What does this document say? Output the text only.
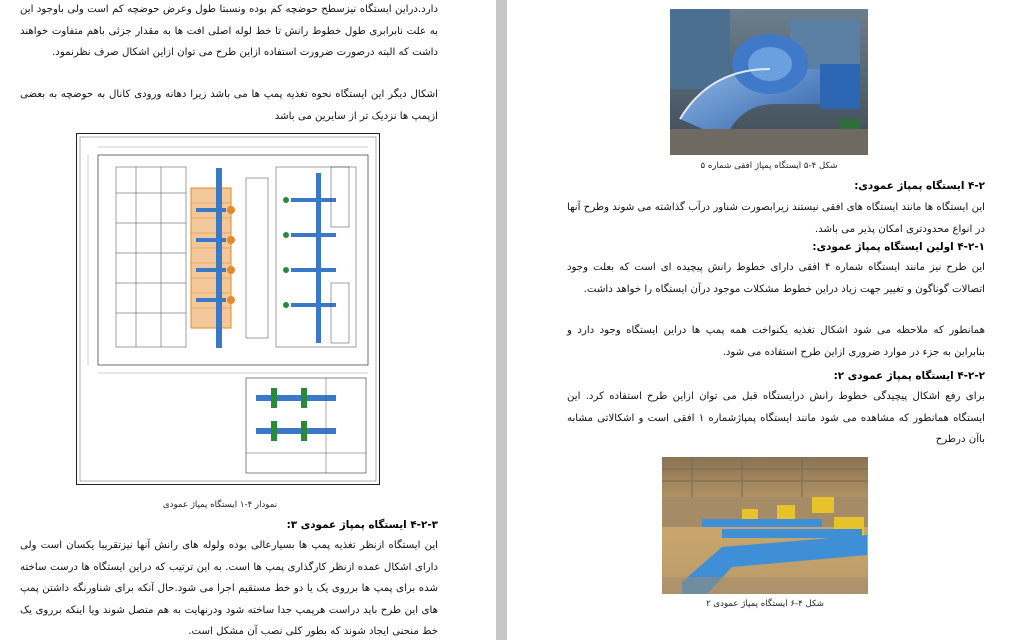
دارد.دراین ایستگاه نیزسطح حوضچه کم بوده ونسبتا طول وعرض حوضچه کم است ولی باوجود این به علت نابرابری طول خطوط رانش تا خط لوله اصلی افت ها به مقدار جزئی باهم متفاوت خواهند داشت که البته درصورت ضرورت استفاده ازاین طرح می توان ازاین اشکال صرف نظرنمود.
اشکال دیگر این ایستگاه نحوه تغذیه پمپ ها می باشد زیرا دهانه ورودی کانال به حوضچه به بعضی ازپمپ ها نزدیک تر از سایرین می باشد
نمودار ۴-۱ ایستگاه پمپاژ عمودی
۴-۲-۳ ایستگاه پمپاژ عمودی ۳:
این ایستگاه ازنظر تغذیه پمپ ها بسیارعالی بوده ولوله های رانش آنها نیزتقریبا یکسان است ولی دارای اشکال عمده ازنظر کارگذاری پمپ ها است. به این ترتیب که دراین ایستگاه ها درست ساخته شده برای پمپ ها برروی یک یا دو خط مستقیم اجرا می شود.حال آنکه برای شناورنگه داشتن پمپ های این طرح باید دراست هرپمپ جدا ساخته شود ودرنهایت به هم متصل شوند ویا اینکه برروی یک خط منحنی ایجاد شوند که بطور کلی نصب آن مشکل است.
شکل ۴-۵ ایستگاه پمپاژ افقی شماره ۵
۴-۲ ایستگاه پمپاژ عمودی:
این ایستگاه ها مانند ایستگاه های افقی نیستند زیرابصورت شناور درآب گذاشته می شوند وطرح آنها در انواع محدودتری امکان پذیر می باشد.
۴-۲-۱ اولین ایستگاه پمپاژ عمودی:
این طرح نیز مانند ایستگاه شماره ۴ افقی دارای خطوط رانش پیچیده ای است که بعلت وجود اتصالات گوناگون و تغییر جهت زیاد دراین خطوط مشکلات موجود درآن ایستگاه را خواهد داشت.
همانطور که ملاحظه می شود اشکال تغذیه یکنواخت همه پمپ ها دراین ایستگاه وجود دارد و بنابراین به جزء در موارد ضروری ازاین طرح استفاده می شود.
۴-۲-۲ ایستگاه پمپاژ عمودی ۲:
برای رفع اشکال پیچیدگی خطوط رانش درایستگاه قبل می توان ازاین طرح استفاده کرد. این ایستگاه همانطور که مشاهده می شود مانند ایستگاه پمپاژشماره ۱ افقی است و اشکالاتی مشابه باآن درطرح
شکل ۴-۶ ایستگاه پمپاژ عمودی ۲
